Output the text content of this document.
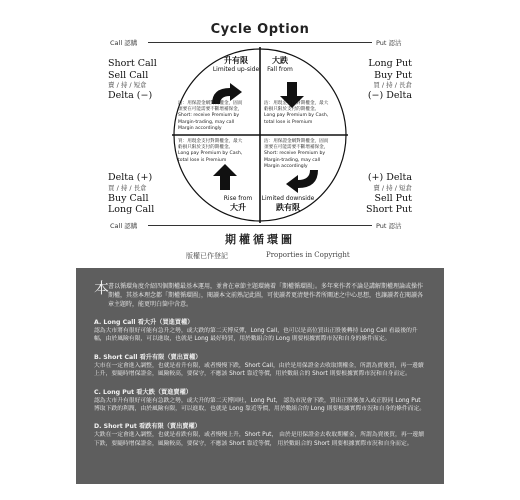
Cycle Option
Call 認購	Put 認沽
Call 認購	Put 認沽
Short Call
Sell Call
賣 / 持 / 短倉
Delta (−)
Long Put
Buy Put
買 / 持 / 長倉
(−) Delta
Delta (+)
買 / 持 / 長倉
Buy Call
Long Call
(+) Delta
賣 / 持 / 短倉
Sell Put
Short Put
升有限
Limited up-side
大跌
Fall from
Rise from
大升
Limited downside
跌有限
沽：用保證金網對期權金，固而
須要在可能需要不斷增補保金，
Short: receive Premium by
Margin-trading, may call
Margin accordingly
沽：用現金支付對期權金，最大
虧損只限於支付的期權金。
Long pay Premium by Cash,
total lose is Premium
買：用現金支付對期權金，最大
虧損只限於支付的期權金。
Long pay Premium by Cash,
total lose is Premium
沽：用保證金網對期權金，固而
須要在可能需要不斷增補保金，
Short: receive Premium by
Margin-trading, may call
Margin accordingly
期權循環圖
版權已作登記	Proporties in Copyright
本
書以循環角度介紹四個期權最基本運用，並會在章節主題環繞着「期權循環圖」。多年來作者不論是講解期權理論或操作期權，其基本理念都「期權循環圖」，閱讀本文前熟記此圖，可使讀者更清楚作者所闡述之中心思想，也讓讀者在閱讀各章主題時，能更明白箇中含意。
A. Long Call 看大升（買進買權）
認為大市將有很好可能有急升之勢，或大跌的第二天博反彈，Long Call，也可以是高位買出正股後轉持 Long Call 看最後的升幅，由於風險有限，可以進取，也就是 Long 最好時買，用於數組合的 Long 則要根據實際市況和自身的條件而定。
B. Short Call 看升有限（賣出買權）
大市在一定會進入調整，也就是看升有限，或者慢慢下跌，Short Call，由於是用保證金去收取期權金，所謂為賣後買，再一邊續上升，要隨時增保證金，風險較高，要保守，不應該 Short 靠近等價，用於數組合的 Short 則要根據實際市況和自身而定。
C. Long Put 看大跌（買進賣權）
認為大市升有很好可能有急跌之勢，或大升的第二天博回吐，Long Put， 認為市況會下跌，買出正股後加入或正股同 Long Put 博取下跌的利潤，由於風險有限，可以進取，也就是 Long 靠近等價，用於數組合的 Long 則要根據實際市況和自身的條件而定。
D. Short Put 看跌有限（賣出賣權）
大跌在一定會進入調整，也就是看跌有限，或者慢慢上升，Short Put， 由於是用保證金去收取期權金，所謂為賣後買，再一邊續下跌，要隨時增保證金，風險較高，要保守，不應該 Short 靠近等價， 用於數組合的 Short 則要根據實際市況和自身而定。
